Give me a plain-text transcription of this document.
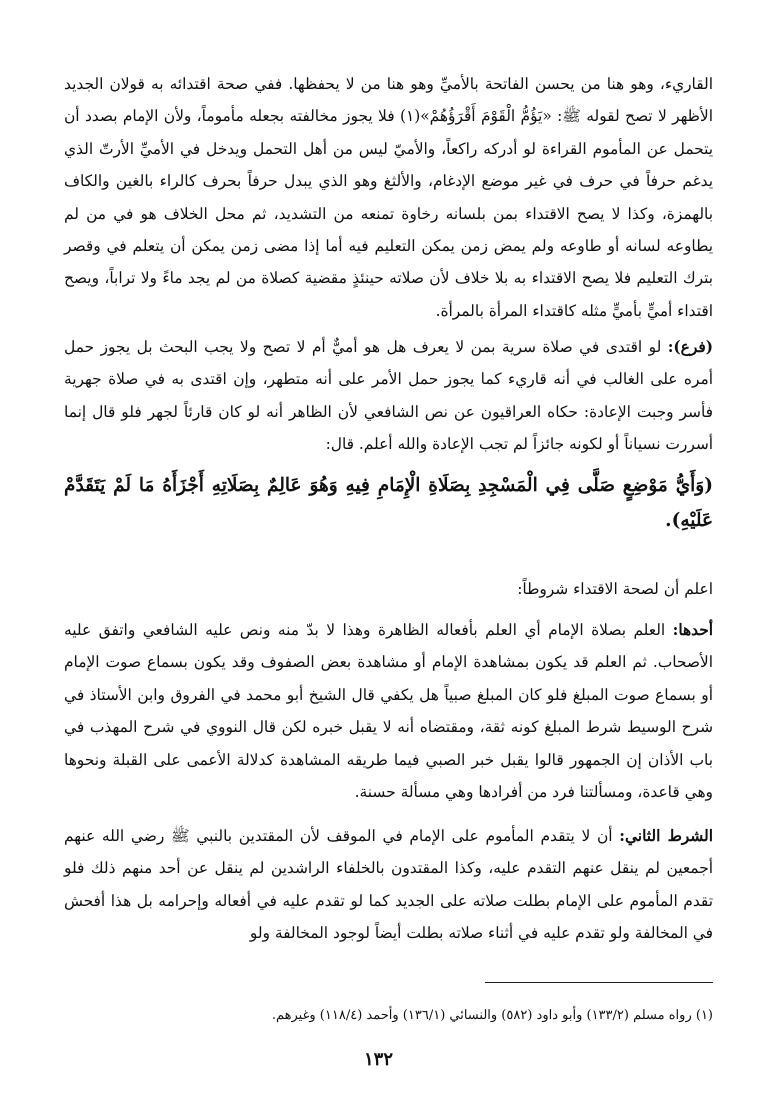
القاريء، وهو هنا من يحسن الفاتحة بالأميِّ وهو هنا من لا يحفظها. ففي صحة اقتدائه به قولان الجديد الأظهر لا تصح لقوله ﷺ: «يَؤُمُّ الْقَوْمَ أَقْرَؤُهُمْ»(١) فلا يجوز مخالفته بجعله مأموماً، ولأن الإمام بصدد أن يتحمل عن المأموم القراءة لو أدركه راكعاً، والأميّ ليس من أهل التحمل ويدخل في الأميِّ الأرتّ الذي يدغم حرفاً في حرف في غير موضع الإدغام، والألثغ وهو الذي يبدل حرفاً بحرف كالراء بالغين والكاف بالهمزة، وكذا لا يصح الاقتداء بمن بلسانه رخاوة تمنعه من التشديد، ثم محل الخلاف هو في من لم يطاوعه لسانه أو طاوعه ولم يمض زمن يمكن التعليم فيه أما إذا مضى زمن يمكن أن يتعلم في وقصر بترك التعليم فلا يصح الاقتداء به بلا خلاف لأن صلاته حينئذٍ مقضية كصلاة من لم يجد ماءً ولا تراباً، ويصح اقتداء أميٍّ بأميٍّ مثله كاقتداء المرأة بالمرأة.

(فرع): لو اقتدى في صلاة سرية بمن لا يعرف هل هو أميٌّ أم لا تصح ولا يجب البحث بل يجوز حمل أمره على الغالب في أنه قاريء كما يجوز حمل الأمر على أنه متطهر، وإن اقتدى به في صلاة جهرية فأسر وجبت الإعادة: حكاه العراقيون عن نص الشافعي لأن الظاهر أنه لو كان قارئاً لجهر فلو قال إنما أسررت نسياناً أو لكونه جائزاً لم تجب الإعادة والله أعلم. قال:

(وَأَيُّ مَوْضِعٍ صَلَّى فِي الْمَسْجِدِ بِصَلَاةِ الْإِمَامِ فِيهِ وَهُوَ عَالِمٌ بِصَلَاتِهِ أَجْزَأَهُ مَا لَمْ يَتَقَدَّمْ عَلَيْهِ).

اعلم أن لصحة الاقتداء شروطاً:

أحدها: العلم بصلاة الإمام أي العلم بأفعاله الظاهرة وهذا لا بدّ منه ونص عليه الشافعي واتفق عليه الأصحاب. ثم العلم قد يكون بمشاهدة الإمام أو مشاهدة بعض الصفوف وقد يكون بسماع صوت الإمام أو بسماع صوت المبلغ فلو كان المبلغ صبياً هل يكفي قال الشيخ أبو محمد في الفروق وابن الأستاذ في شرح الوسيط شرط المبلغ كونه ثقة، ومقتضاه أنه لا يقبل خبره لكن قال النووي في شرح المهذب في باب الأذان إن الجمهور قالوا يقبل خبر الصبي فيما طريقه المشاهدة كدلالة الأعمى على القبلة ونحوها وهي قاعدة، ومسألتنا فرد من أفرادها وهي مسألة حسنة.

الشرط الثاني: أن لا يتقدم المأموم على الإمام في الموقف لأن المقتدين بالنبي ﷺ رضي الله عنهم أجمعين لم ينقل عنهم التقدم عليه، وكذا المقتدون بالخلفاء الراشدين لم ينقل عن أحد منهم ذلك فلو تقدم المأموم على الإمام بطلت صلاته على الجديد كما لو تقدم عليه في أفعاله وإحرامه بل هذا أفحش في المخالفة ولو تقدم عليه في أثناء صلاته بطلت أيضاً لوجود المخالفة ولو

(١) رواه مسلم (١٣٣/٢) وأبو داود (٥٨٢) والنسائي (١٣٦/١) وأحمد (١١٨/٤) وغيرهم.
١٣٢
